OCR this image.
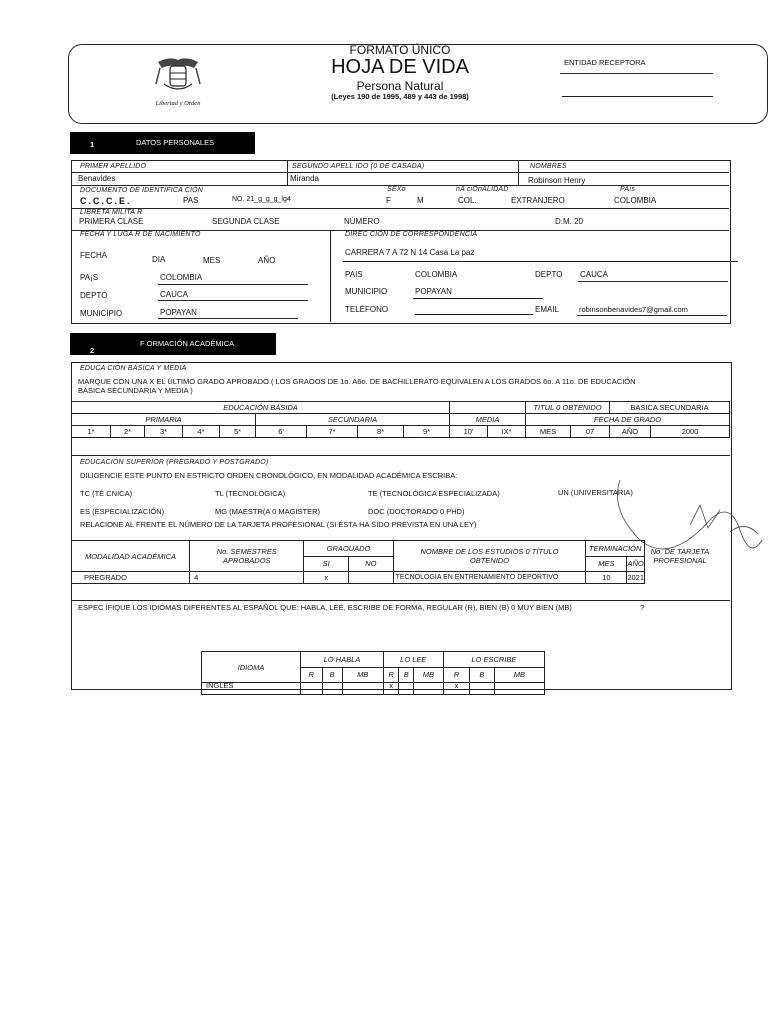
Libertad y Orden
FORMATO ÚNICO
HOJA DE VIDA
Persona Natural
(Leyes 190 de 1995, 489 y 443 de 1998)
ENTIDAD RECEPTORA
1	DATOS PERSONALES
PRIMER APELLIDO
Benavides
SEGUNDO APELL IDO (0 DE CASADA)
Miranda
NOMBRES
Robinson Henry
DOCUMENTO DE IDENTIFICA CIÓN
C.C.C.E.	PAS	NO. 21_g_g_g_lg4
SEXo
F	M
nA ciOnALIDAD
COL.	EXTRANJERO
PAís
COLOMBIA
LIBRETA MILITA R
PRIMERA CLASE	SEGUNDA CLASE	NÚMERO	D.M. 20
FECHA Y LUGA R DE NACIMIENTO
FECHA	DIA	MES	AÑO
PA¡S	COLOMBIA
DEPTO	CAUCA
MUNICIPIO	POPAYAN
DIREC CIÓN DE CORRESPONDENCIA
CARRERA 7 A 72 N 14 Casa La paz
PAIS	COLOMBIA	DEPTO CAUCA
MUNICIPIO	POPAYAN
TELÉFONO	EMAIL	robinsonbenavides7@gmail.com
F ORMACIÓN ACADÉMICA
2
EDUCA CIÓN BÁSICA Y MEDIA
MARQUE CON UNA X EL ÚLTIMO GRADO APROBADO ( LOS GRAOOS DE 1o. A6o. DE BACHILLERATO EQUIVALEN A LOS GRADOS 6o. A 11o. DE EDUCACIÓN
BÁSICA SECUNDARIA Y MEDIA )
EDUCACIÓN BÁSIDA											TITUL 0 OBTENIDO		BASICA SECUNDARIA	
PRIMARIA					SECUNDARIA				MEDIA		FECHA DE GRADO			
1*	2*	3*	4*	5*	6'	7*	8*	9*	10'	IX*	MES	07	AÑO	2000
EDUCACIÓN SUPERIOR (PREGRADO Y POSTGRADO)
DILIGENCIE ESTE PUNTO EN ESTRICTO ORDEN CRONOLÓGICO, EN MODALIDAD ACADÉMICA ESCRIBA:
TC (TÉ CNICA)	TL (TECNOLÓGICA)	TE (TECNOLÓGICA ESPECIALIZADA)	UN (UNIVERSITARIA)
ES (ESPECIALIZACIÓN)	MG (MAESTR(A 0 MAGISTER)	DOC (DOCTORADO 0 PHD)
RELACIONE AL FRENTE EL NÚMERO DE LA TARJETA PROFESIONAL (SI ÉSTA HA SIDO PREVISTA EN UNA LEY)
MODALIDAD ACADÉMICA	No. SEMESTRES APROBADOS	GRAOUADO		NOMBRE DE LOS ESTUDIOS 0 TÍTULO OBTENIDO	TERMINACIÓN	
		SI	NO		MES	AÑO
PREGRADO	4	x		TECNOLOGIA EN ENTRENAMIENTO DEPORTIVO	10	2021
No. DE TARJETA PROFESIONAL
ESPEC ÍFIQUE LOS IDIOMAS DIFERENTES AL ESPAÑOL QUE: HABLA, LEE, ESCRIBE DE FORMA, REGULAR (R), BIEN (B) 0 MUY BIEN (MB)	?
IDIOMA	LO HABLA			LO LEE			LO ESCRIBE		
	R	B	MB	R	B	MB	R	B	MB
INGLES				x			x		
